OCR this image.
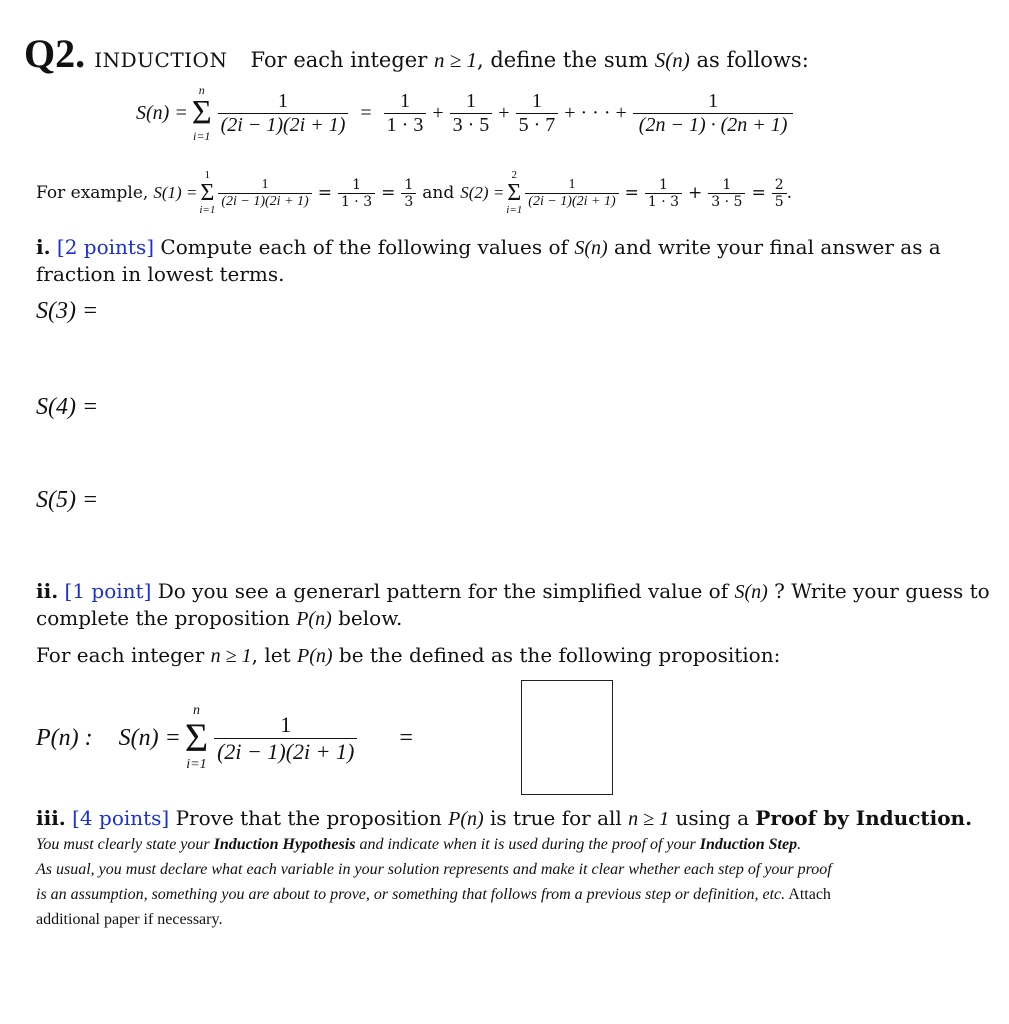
Q2. INDUCTION For each integer n ≥ 1, define the sum S(n) as follows:
S(n) =
n
Σ
$i=1 \frac{1}{(2i - 1)(2i + 1)} = \frac{1}{1 \cdot 3} + \frac{1}{3 \cdot 5} + \frac{1}{5 \cdot 7}$ + · · · + $\frac{1}{(2n - 1) \cdot (2n + 1)}$
For example, S(1) =
1
Σ
i=1
$\frac{1}{(2i - 1)(2i + 1)} = \frac{1}{1 \cdot 3} = \frac{1}{3}$ and S(2) =
2
Σ
i=1
$\frac{1}{(2i - 1)(2i + 1)} = \frac{1}{1 \cdot 3} + \frac{1}{3 \cdot 5} = \frac{2}{5}$ .
i. [2 points] Compute each of the following values of S(n) and write your final answer as a
fraction in lowest terms.
S(3) =
S(4) =
S(5) =
ii. [1 point] Do you see a generarl pattern for the simplified value of S(n) ? Write your guess to
complete the proposition P(n) below.
For each integer n ≥ 1, let P(n) be the defined as the following proposition:
P(n) : S(n) =
n
Σ
$i=1 \frac{1}{(2i - 1)(2i + 1)}$	=
iii. [4 points] Prove that the proposition P(n) is true for all n ≥ 1 using a Proof by Induction.
You must clearly state your Induction Hypothesis and indicate when it is used during the proof of your Induction Step.
As usual, you must declare what each variable in your solution represents and make it clear whether each step of your proof
is an assumption, something you are about to prove, or something that follows from a previous step or definition, etc. Attach
additional paper if necessary.
